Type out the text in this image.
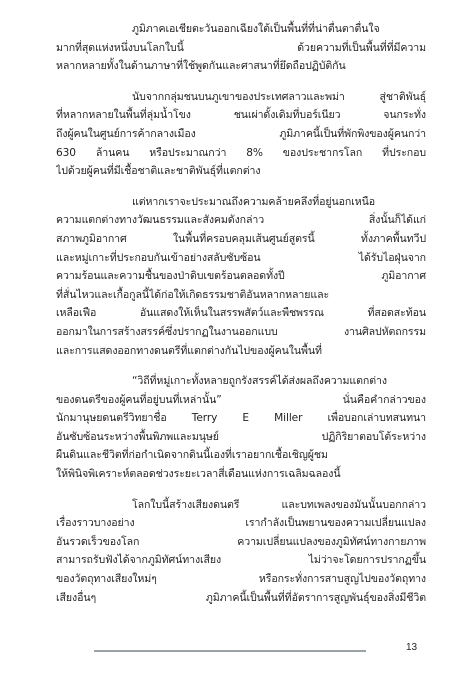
ภูมิภาคเอเชียตะวันออกเฉียงใต้เป็นพื้นที่ที่น่าตื่นตาตื่นใจ
มากที่สุดแห่งหนึ่งบนโลกใบนี้ ด้วยความที่เป็นพื้นที่ที่มีความ
หลากหลายทั้งในด้านภาษาที่ใช้พูดกันและศาสนาที่ยึดถือปฏิบัติกัน
นับจากกลุ่มชนบนภูเขาของประเทศลาวและพม่า สู่ชาติพันธุ์
ที่หลากหลายในพื้นที่ลุ่มน้ำโขง ชนเผ่าดั้งเดิมที่บอร์เนียว จนกระทั่ง
ถึงผู้คนในศูนย์การค้ากลางเมือง ภูมิภาคนี้เป็นที่พักพิงของผู้คนกว่า
630 ล้านคน หรือประมาณกว่า 8% ของประชากรโลก ที่ประกอบ
ไปด้วยผู้คนที่มีเชื้อชาติและชาติพันธุ์ที่แตกต่าง
แต่หากเราจะประมาณถึงความคล้ายคลึงที่อยู่นอกเหนือ
ความแตกต่างทางวัฒนธรรมและสังคมดังกล่าว สิ่งนั้นก็ได้แก่
สภาพภูมิอากาศ ในพื้นที่ครอบคลุมเส้นศูนย์สูตรนี้ ทั้งภาคพื้นทวีป
และหมู่เกาะที่ประกอบกันเข้าอย่างสลับซับซ้อน ได้รับไอฝุ่นจาก
ความร้อนและความชื้นของป่าดิบเขตร้อนตลอดทั้งปี ภูมิอากาศ
ที่สั่นไหวและเกื้อกูลนี้ได้ก่อให้เกิดธรรมชาติอันหลากหลายและ
เหลือเฟือ อันแสดงให้เห็นในสรรพสัตว์และพืชพรรณ ที่สอดสะท้อน
ออกมาในการสร้างสรรค์ซึ่งปรากฏในงานออกแบบ งานศิลปหัตถกรรม
และการแสดงออกทางดนตรีที่แตกต่างกันไปของผู้คนในพื้นที่
“วิถีที่หมู่เกาะทั้งหลายถูกรังสรรค์ได้ส่งผลถึงความแตกต่าง
ของดนตรีของผู้คนที่อยู่บนที่เหล่านั้น” นั่นคือคำกล่าวของ
นักมานุษยดนตรีวิทยาชื่อ Terry E Miller เพื่อบอกเล่าบทสนทนา
อันซับซ้อนระหว่างพื้นพิภพและมนุษย์ ปฏิกิริยาตอบโต้ระหว่าง
ผืนดินและชีวิตที่ก่อกำเนิดจากดินนี้เองที่เราอยากเชื้อเชิญผู้ชม
ให้พินิจพิเคราะห์ตลอดช่วงระยะเวลาสี่เดือนแห่งการเฉลิมฉลองนี้
โลกใบนี้สร้างเสียงดนตรี และบทเพลงของมันนั้นบอกกล่าว
เรื่องราวบางอย่าง เรากำลังเป็นพยานของความเปลี่ยนแปลง
อันรวดเร็วของโลก ความเปลี่ยนแปลงของภูมิทัศน์ทางกายภาพ
สามารถรับฟังได้จากภูมิทัศน์ทางเสียง ไม่ว่าจะโดยการปรากฏขึ้น
ของวัตถุทางเสียงใหม่ๆ หรือกระทั่งการสาบสูญไปของวัตถุทาง
เสียงอื่นๆ ภูมิภาคนี้เป็นพื้นที่ที่อัตราการสูญพันธุ์ของสิ่งมีชีวิต
13
